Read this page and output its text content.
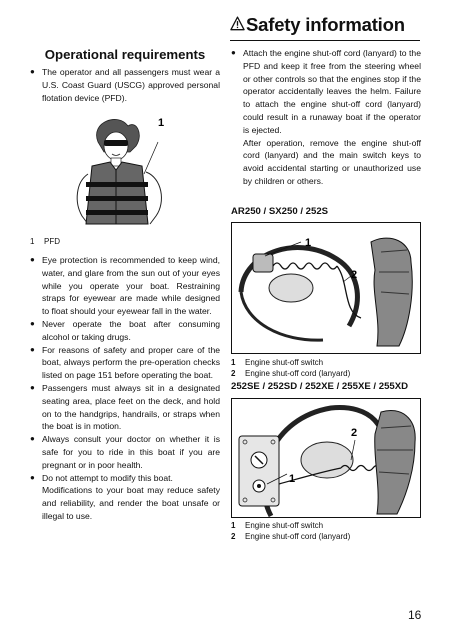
Safety information
Operational requirements
● The operator and all passengers must wear a U.S. Coast Guard (USCG) approved personal flotation device (PFD).
1
1 PFD
● Eye protection is recommended to keep wind, water, and glare from the sun out of your eyes while you operate your boat. Restraining straps for eyewear are made while designed to float should your eyewear fall in the water.
● Never operate the boat after consuming alcohol or taking drugs.
● For reasons of safety and proper care of the boat, always perform the pre-operation checks listed on page 151 before operating the boat.
● Passengers must always sit in a designated seating area, place feet on the deck, and hold on to the handgrips, handrails, or straps when the boat is in motion.
● Always consult your doctor on whether it is safe for you to ride in this boat if you are pregnant or in poor health.
● Do not attempt to modify this boat.
Modifications to your boat may reduce safety and reliability, and render the boat unsafe or illegal to use.
● Attach the engine shut-off cord (lanyard) to the PFD and keep it free from the steering wheel or other controls so that the engines stop if the operator accidentally leaves the helm. Failure to attach the engine shut-off cord (lanyard) could result in a runaway boat if the operator is ejected.
After operation, remove the engine shut-off cord (lanyard) and the main switch keys to avoid accidental starting or unauthorized use by children or others.
AR250 / SX250 / 252S
1
2
1 Engine shut-off switch
2 Engine shut-off cord (lanyard)
252SE / 252SD / 252XE / 255XE / 255XD
2
1
1 Engine shut-off switch
2 Engine shut-off cord (lanyard)
16
